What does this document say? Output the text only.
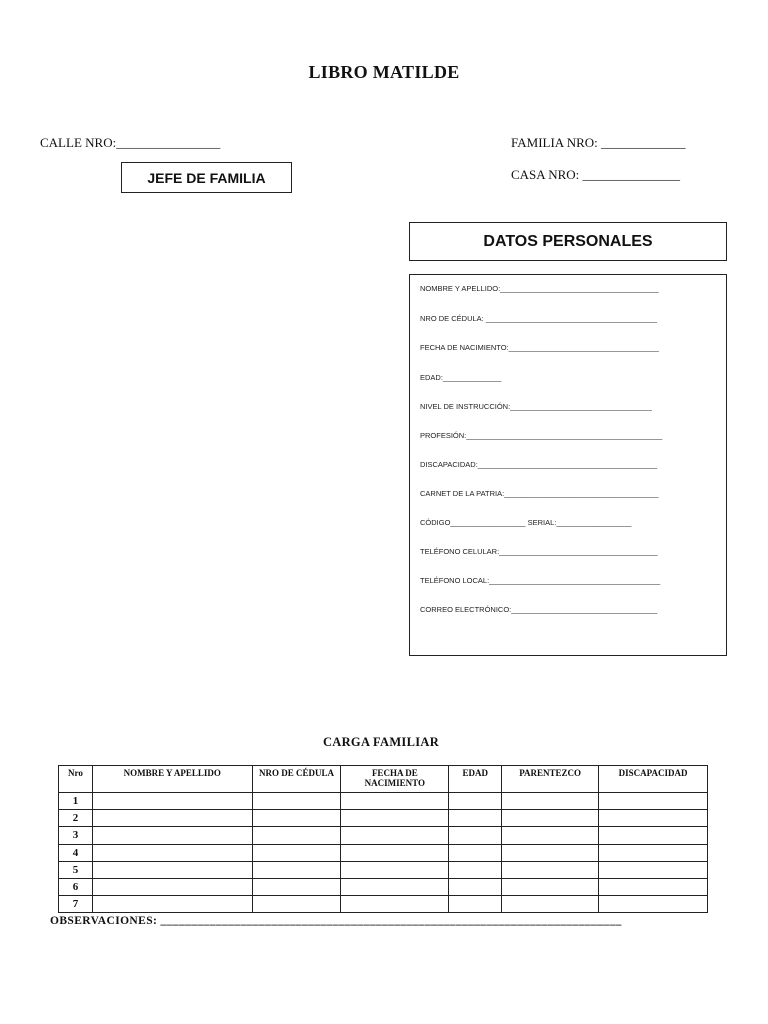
LIBRO MATILDE
CALLE NRO:________________	FAMILIA NRO: _____________
CASA NRO: _______________
JEFE DE FAMILIA
DATOS PERSONALES
NOMBRE Y APELLIDO:______________________________________
NRO DE CÉDULA: _________________________________________
FECHA DE NACIMIENTO:____________________________________
EDAD:______________
NIVEL DE INSTRUCCIÓN:__________________________________
PROFESIÓN:_______________________________________________
DISCAPACIDAD:___________________________________________
CARNET DE LA PATRIA:_____________________________________
CÓDIGO__________________ SERIAL:__________________
TELÉFONO CELULAR:______________________________________
TELÉFONO LOCAL:_________________________________________
CORREO ELECTRÓNICO:___________________________________
CARGA FAMILIAR
Nro	NOMBRE Y APELLIDO	NRO DE CÉDULA	FECHA DE NACIMIENTO	EDAD	PARENTEZCO	DISCAPACIDAD
1						
2						
3						
4						
5						
6						
7						
OBSERVACIONES: ___________________________________________________________________________
